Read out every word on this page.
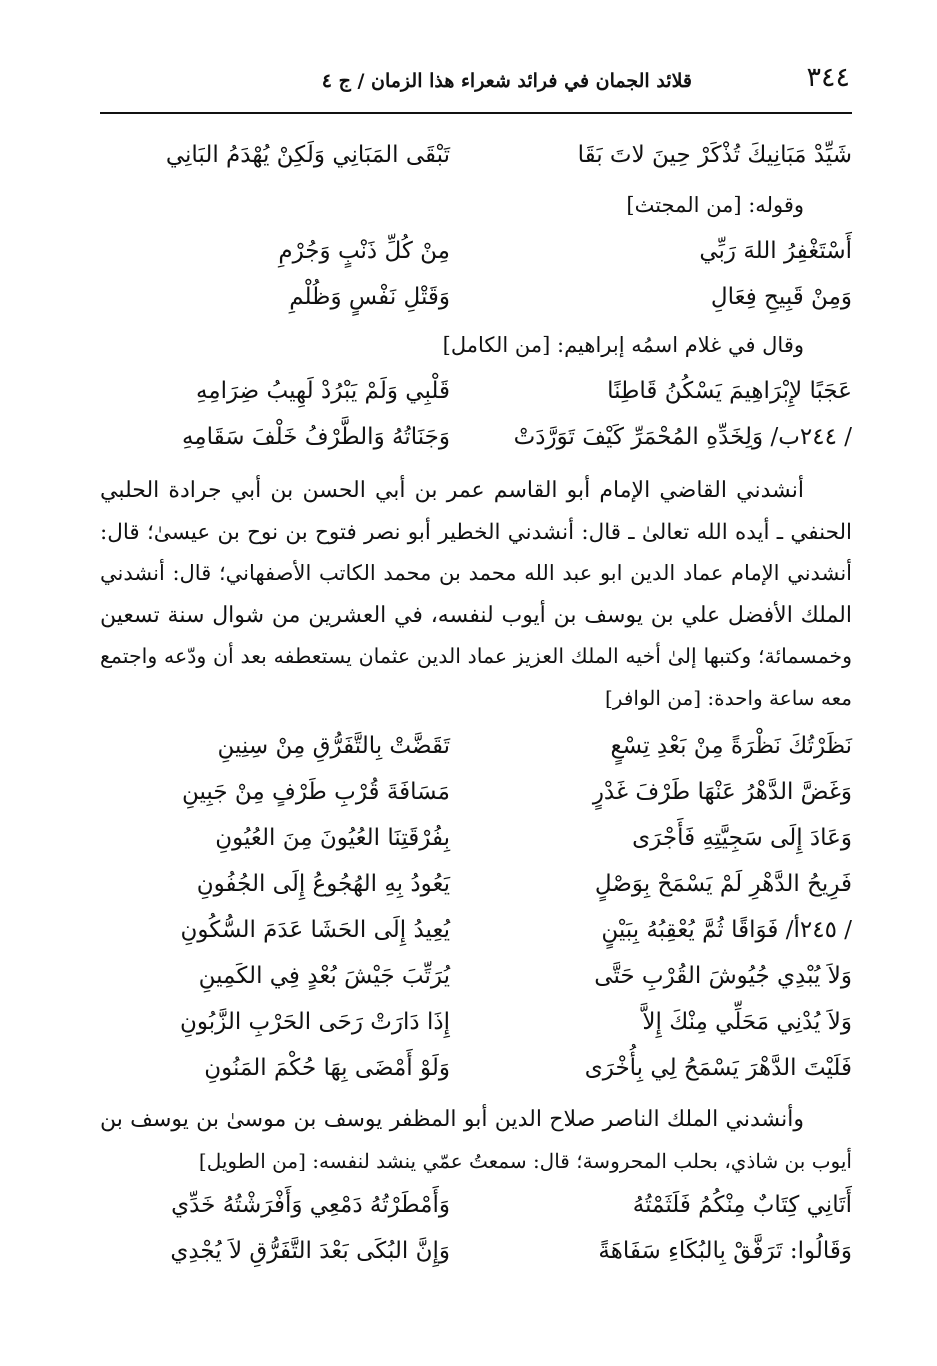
٣٤٤
قلائد الجمان في فرائد شعراء هذا الزمان / ج ٤
شَيِّدْ مَبَانِيكَ تُذْكَرْ حِينَ لاتَ بَقَا
تَبْقَى المَبَانِي وَلَكِنْ يُهْدَمُ البَانِي
وقوله: [من المجتث]
أَسْتَغْفِرُ اللهَ رَبِّي
مِنْ كُلِّ ذَنْبٍ وَجُرْمِ
وَمِنْ قَبِيحِ فِعَالِ
وَقَتْلِ نَفْسٍ وَظُلْمِ
وقال في غلام اسمُه إبراهيم: [من الكامل]
عَجَبًا لإِبْرَاهِيمَ يَسْكُنُ قَاطِنًا
قَلْبِي وَلَمْ يَبْرُدْ لَهِيبُ ضِرَامِهِ
/ ٢٤٤ب/ وَلِخَدِّهِ المُحْمَرِّ كَيْفَ تَوَرَّدَتْ
وَجَنَاتُهُ وَالطَّرْفُ خَلْفَ سَقَامِهِ
أنشدني القاضي الإمام أبو القاسم عمر بن أبي الحسن بن أبي جرادة الحلبي
الحنفي ـ أيده الله تعالىٰ ـ قال: أنشدني الخطير أبو نصر فتوح بن نوح بن عيسىٰ؛ قال:
أنشدني الإمام عماد الدين ابو عبد الله محمد بن محمد الكاتب الأصفهاني؛ قال: أنشدني
الملك الأفضل علي بن يوسف بن أيوب لنفسه، في العشرين من شوال سنة تسعين
وخمسمائة؛ وكتبها إلىٰ أخيه الملك العزيز عماد الدين عثمان يستعطفه بعد أن ودّعه واجتمع
معه ساعة واحدة: [من الوافر]
نَظَرْتُكَ نَظْرَةً مِنْ بَعْدِ تِسْعٍ
تَقَضَّتْ بِالتَّفَرُّقِ مِنْ سِنِينِ
وَغَضَّ الدَّهْرُ عَنْهَا طَرْفَ غَدْرٍ
مَسَافَةَ قُرْبِ طَرْفٍ مِنْ جَبِينِ
وَعَادَ إِلَى سَجِيَّتِهِ فَأَجْرَى
بِفُرْقَتِنَا العُيُونَ مِنَ العُيُونِ
فَرِيحُ الدَّهْرِ لَمْ يَسْمَحْ بِوَصْلٍ
يَعُودُ بِهِ الهُجُوعُ إِلَى الجُفُونِ
/ ٢٤٥أ/ فَوَاقًا ثُمَّ يُعْقِبُهُ بِبَيْنٍ
يُعِيدُ إِلَى الحَشَا عَدَمَ السُّكُونِ
وَلاَ يُبْدِي جُيُوشَ القُرْبِ حَتَّى
يُرَتِّبَ جَيْشَ بُعْدٍ فِي الكَمِينِ
وَلاَ يُدْنِي مَحَلِّي مِنْكَ إِلاَّ
إِذَا دَارَتْ رَحَى الحَرْبِ الزَّبُونِ
فَلَيْتَ الدَّهْرَ يَسْمَحُ لِي بِأُخْرَى
وَلَوْ أَمْضَى بِهَا حُكْمَ المَنُونِ
وأنشدني الملك الناصر صلاح الدين أبو المظفر يوسف بن موسىٰ بن يوسف بن
أيوب بن شاذي، بحلب المحروسة؛ قال: سمعتُ عمّي ينشد لنفسه: [من الطويل]
أَتَانِي كِتَابٌ مِنْكُمُ فَلَثَمْتُهُ
وَأَمْطَرْتُهُ دَمْعِي وَأَفْرَشْتُهُ خَدِّي
وَقَالُوا: تَرَفَّقْ بِالبُكَاءِ سَفَاهَةً
وَإِنَّ البُكَى بَعْدَ التَّفَرُّقِ لاَ يُجْدِي
